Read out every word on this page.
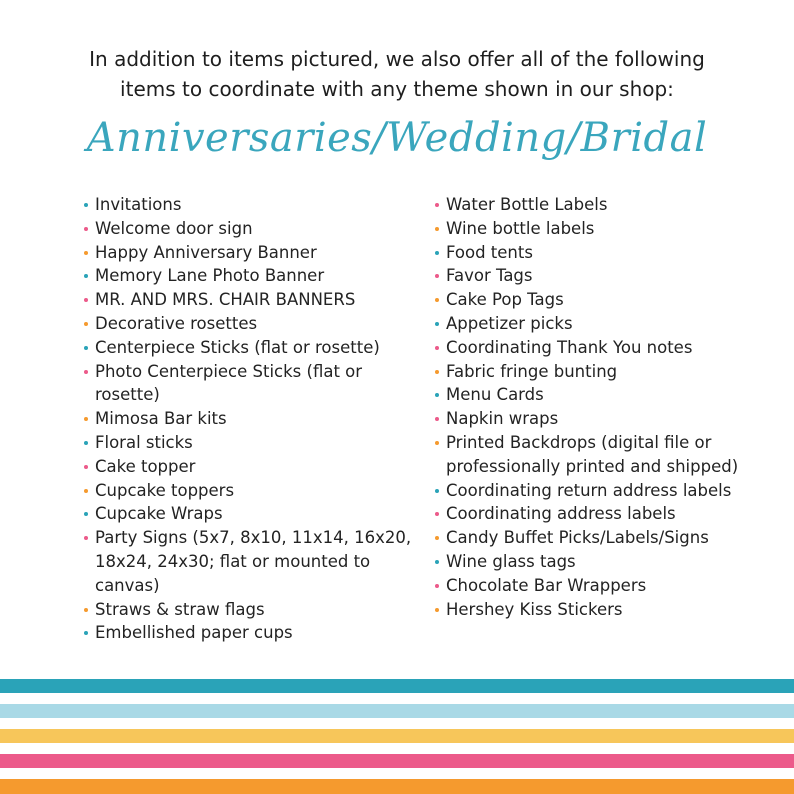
In addition to items pictured, we also offer all of the following
items to coordinate with any theme shown in our shop:
Anniversaries/Wedding/Bridal
Invitations
Welcome door sign
Happy Anniversary Banner
Memory Lane Photo Banner
MR. AND MRS. CHAIR BANNERS
Decorative rosettes
Centerpiece Sticks (flat or rosette)
Photo Centerpiece Sticks (flat or rosette)
Mimosa Bar kits
Floral sticks
Cake topper
Cupcake toppers
Cupcake Wraps
Party Signs (5x7, 8x10, 11x14, 16x20, 18x24, 24x30; flat or mounted to canvas)
Straws & straw flags
Embellished paper cups
Water Bottle Labels
Wine bottle labels
Food tents
Favor Tags
Cake Pop Tags
Appetizer picks
Coordinating Thank You notes
Fabric fringe bunting
Menu Cards
Napkin wraps
Printed Backdrops (digital file or professionally printed and shipped)
Coordinating return address labels
Coordinating address labels
Candy Buffet Picks/Labels/Signs
Wine glass tags
Chocolate Bar Wrappers
Hershey Kiss Stickers
